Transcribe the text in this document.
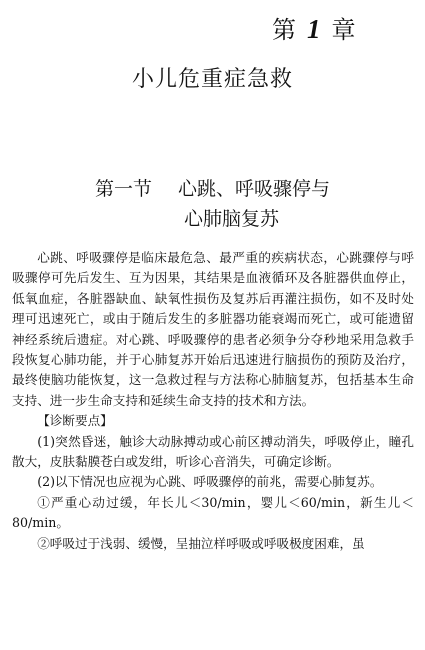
第 1 章
小儿危重症急救
第一节 心跳、呼吸骤停与
心肺脑复苏

心跳、呼吸骤停是临床最危急、最严重的疾病状态，心跳骤停与呼吸骤停可先后发生、互为因果，其结果是血液循环及各脏器供血停止，低氧血症，各脏器缺血、缺氧性损伤及复苏后再灌注损伤，如不及时处理可迅速死亡，或由于随后发生的多脏器功能衰竭而死亡，或可能遗留神经系统后遗症。对心跳、呼吸骤停的患者必须争分夺秒地采用急救手段恢复心肺功能，并于心肺复苏开始后迅速进行脑损伤的预防及治疗，最终使脑功能恢复，这一急救过程与方法称心肺脑复苏，包括基本生命支持、进一步生命支持和延续生命支持的技术和方法。

【诊断要点】

(1)突然昏迷，触诊大动脉搏动或心前区搏动消失，呼吸停止，瞳孔散大，皮肤黏膜苍白或发绀，听诊心音消失，可确定诊断。

(2)以下情况也应视为心跳、呼吸骤停的前兆，需要心肺复苏。

①严重心动过缓，年长儿＜30/min，婴儿＜60/min，新生儿＜80/min。

②呼吸过于浅弱、缓慢，呈抽泣样呼吸或呼吸极度困难，虽
